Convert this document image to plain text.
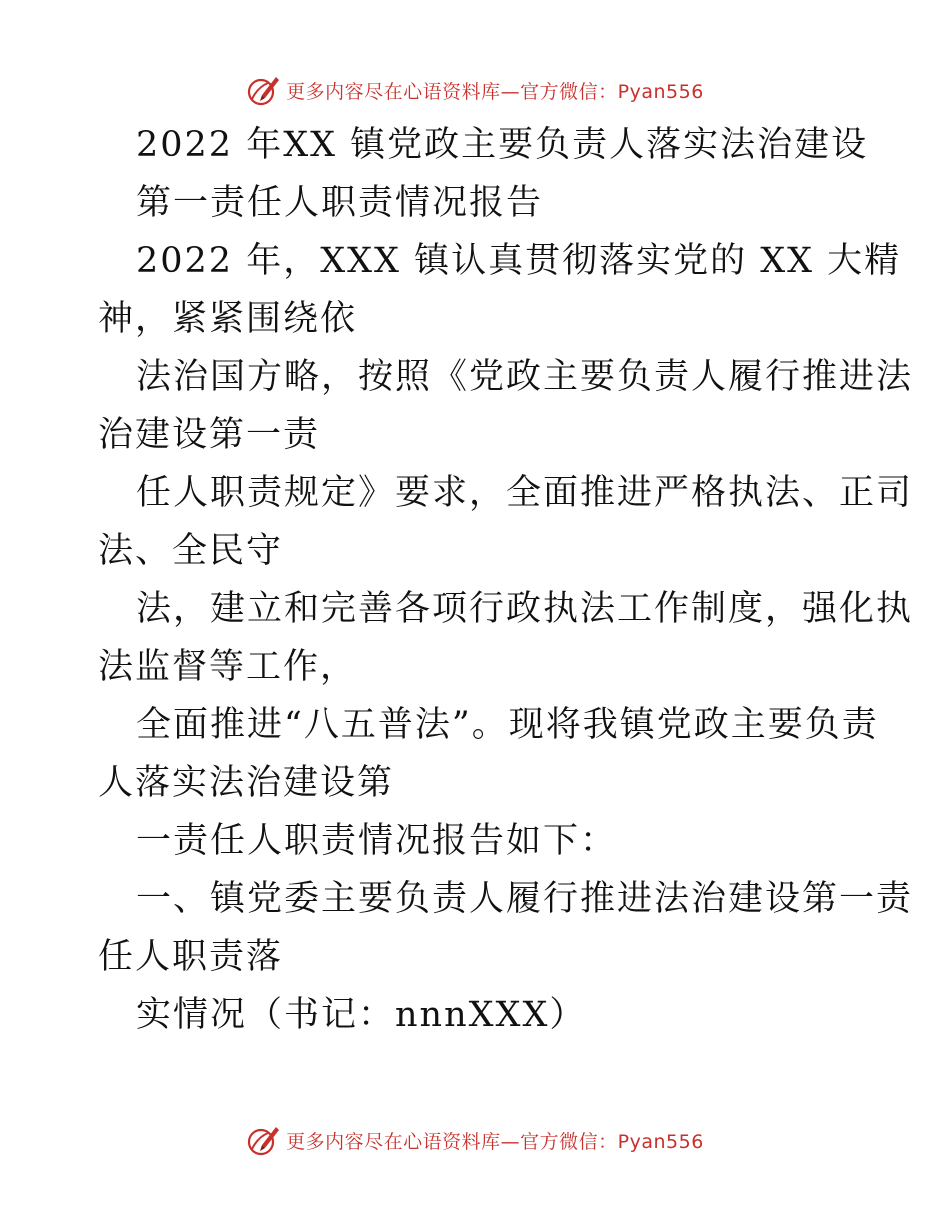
更多内容尽在心语资料库—官方微信：Pyan556
2022 年XX 镇党政主要负责人落实法治建设
第一责任人职责情况报告
2022 年，XXX 镇认真贯彻落实党的 XX 大精
神，紧紧围绕依
法治国方略，按照《党政主要负责人履行推进法
治建设第一责
任人职责规定》要求，全面推进严格执法、正司
法、全民守
法，建立和完善各项行政执法工作制度，强化执
法监督等工作，
全面推进“八五普法”。现将我镇党政主要负责
人落实法治建设第
一责任人职责情况报告如下：
一、镇党委主要负责人履行推进法治建设第一责
任人职责落
实情况（书记：nnnXXX）
更多内容尽在心语资料库—官方微信：Pyan556
